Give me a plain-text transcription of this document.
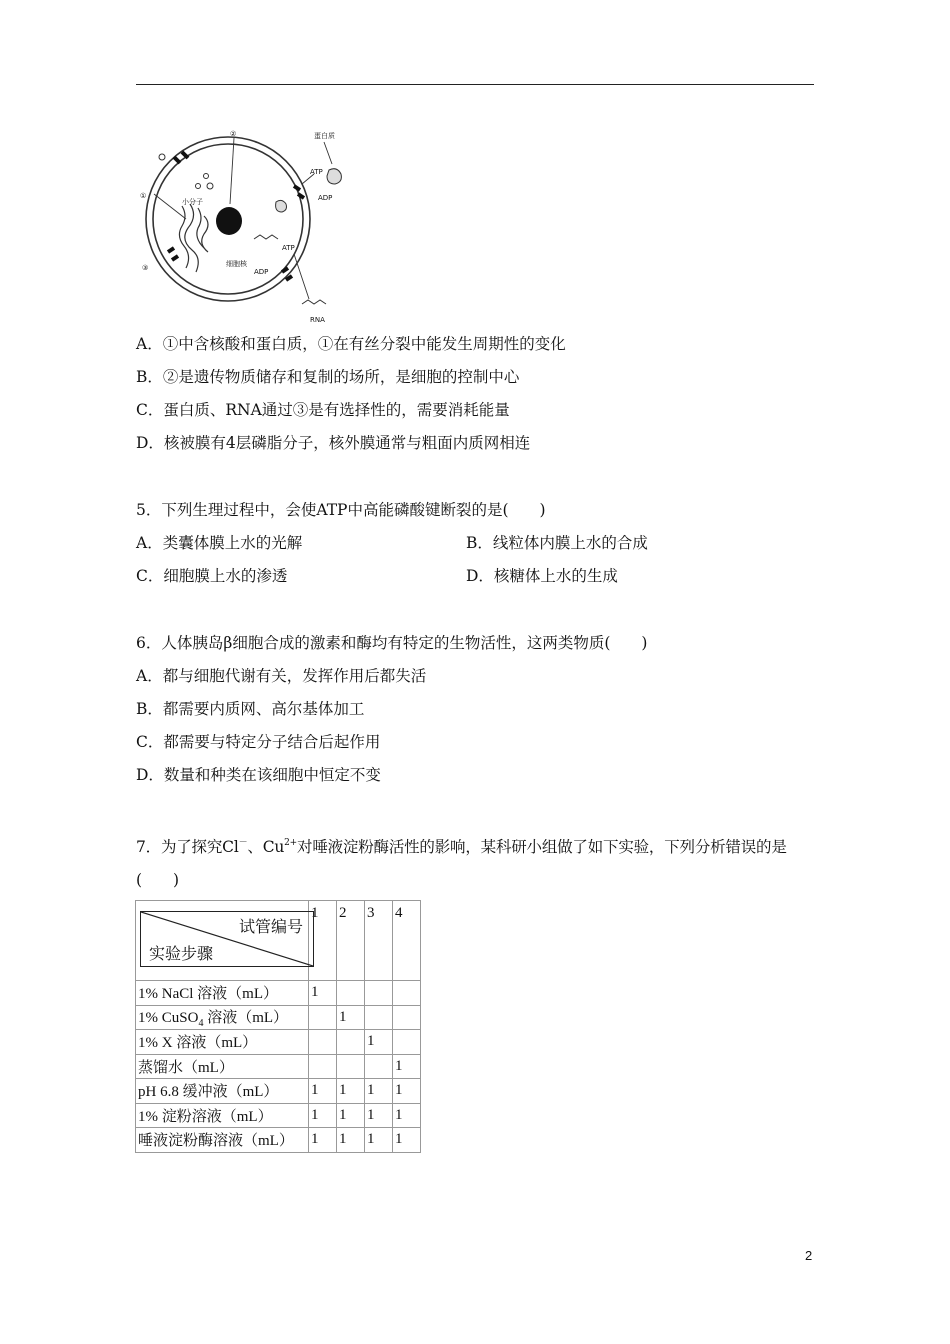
②
①
③
蛋白质
ATP
ADP
小分子
ATP
ADP
细胞核
RNA
A．①中含核酸和蛋白质，①在有丝分裂中能发生周期性的变化
B．②是遗传物质储存和复制的场所，是细胞的控制中心
C．蛋白质、RNA通过③是有选择性的，需要消耗能量
D．核被膜有4层磷脂分子，核外膜通常与粗面内质网相连
5．下列生理过程中，会使ATP中高能磷酸键断裂的是(　　)
A．类囊体膜上水的光解	B．线粒体内膜上水的合成
C．细胞膜上水的渗透	D．核糖体上水的生成
6．人体胰岛β细胞合成的激素和酶均有特定的生物活性，这两类物质(　　)
A．都与细胞代谢有关，发挥作用后都失活
B．都需要内质网、高尔基体加工
C．都需要与特定分子结合后起作用
D．数量和种类在该细胞中恒定不变
7．为了探究Cl－、$Cu^{2+}$对唾液淀粉酶活性的影响，某科研小组做了如下实验，下列分析错误的是
(　　)
试管编号
实验步骤	1	2	3	4
1% NaCl 溶液（mL）	1			
1% CuSO$_4$ 溶液（mL）		1		
1% X 溶液（mL）			1	
蒸馏水（mL）				1
pH 6.8 缓冲液（mL）	1	1	1	1
1% 淀粉溶液（mL）	1	1	1	1
唾液淀粉酶溶液（mL）	1	1	1	1
2
